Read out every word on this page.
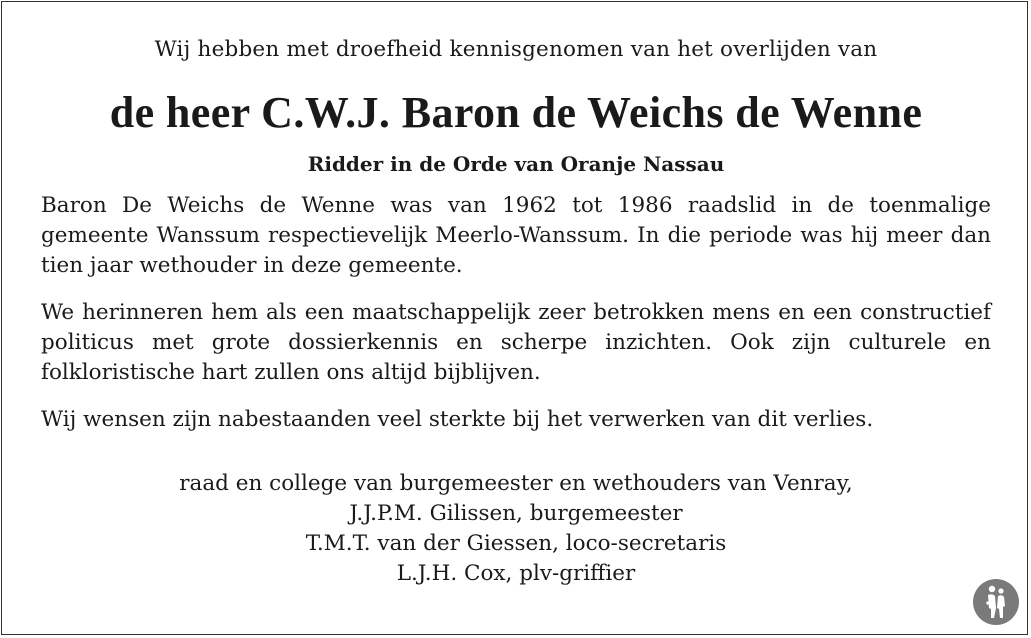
Wij hebben met droefheid kennisgenomen van het overlijden van

de heer C.W.J. Baron de Weichs de Wenne

Ridder in de Orde van Oranje Nassau

Baron De Weichs de Wenne was van 1962 tot 1986 raadslid in de toenmalige gemeente Wanssum respectievelijk Meerlo-Wanssum. In die periode was hij meer dan tien jaar wethouder in deze gemeente.

We herinneren hem als een maatschappelijk zeer betrokken mens en een constructief politicus met grote dossierkennis en scherpe inzichten. Ook zijn culturele en folkloristische hart zullen ons altijd bijblijven.

Wij wensen zijn nabestaanden veel sterkte bij het verwerken van dit verlies.

raad en college van burgemeester en wethouders van Venray,
J.J.P.M. Gilissen, burgemeester
T.M.T. van der Giessen, loco-secretaris
L.J.H. Cox, plv-griffier
